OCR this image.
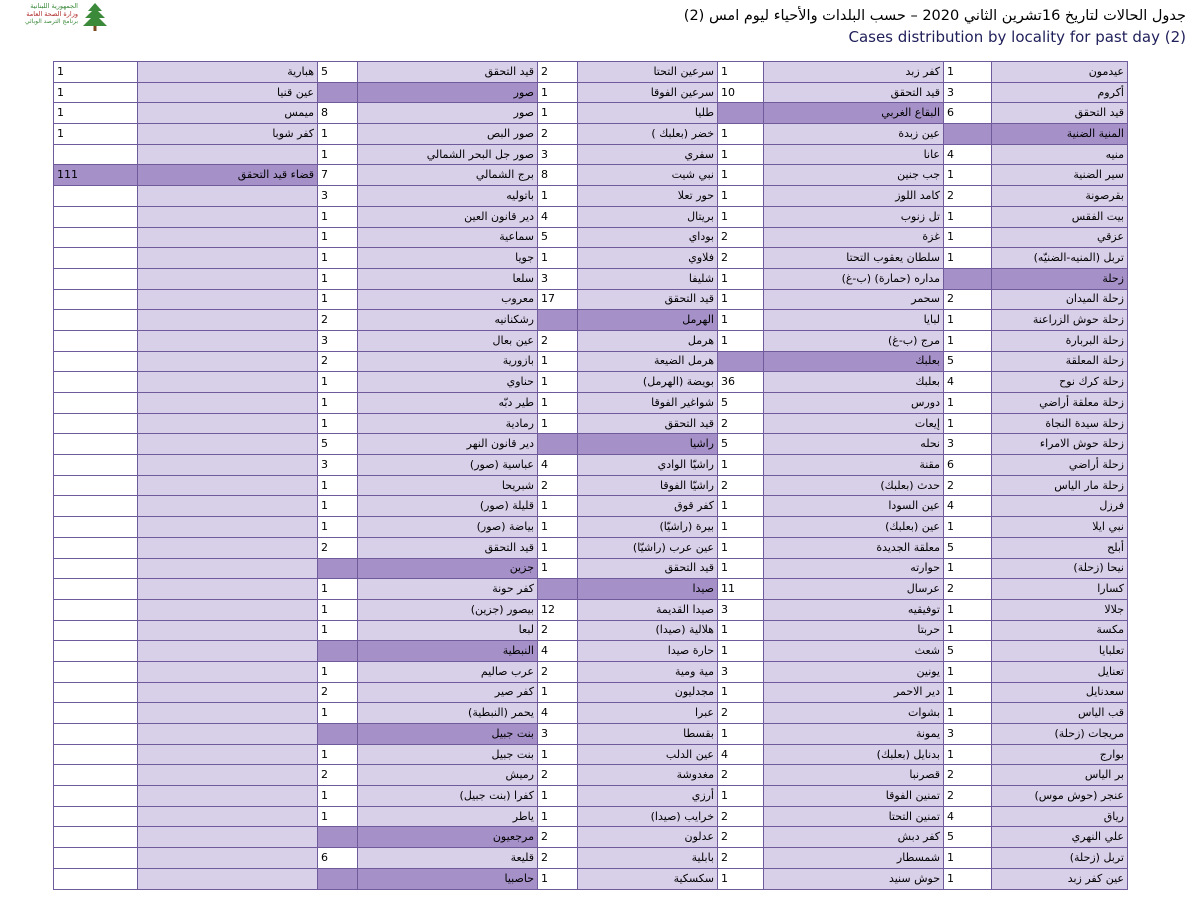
الجمهورية اللبنانية
وزارة الصحة العامة
برنامج الترصد الوبائي	جدول الحالات لتاريخ 16تشرين الثاني 2020 – حسب البلدات والأحياء ليوم امس (2)
Cases distribution by locality for past day (2)
عيدمون	1	كفر زبد	1	سرعين التحتا	2	قيد التحقق	5	هبارية	1
أكروم	3	قيد التحقق	10	سرعين الفوقا	1	صور		عين قنيا	1
قيد التحقق	6	البقاع الغربي		طليا	1	صور	8	ميمس	1
المنية الضنية		عين زبدة	1	خضر (بعلبك )	2	صور البص	1	كفر شوبا	1
منيه	4	عانا	1	سفري	3	صور جل البحر الشمالي	1		
سير الضنية	1	جب جنين	1	نبي شيت	8	برج الشمالي	7	قضاء قيد التحقق	111
بقرصونة	2	كامد اللوز	1	حور تعلا	1	باتوليه	3		
بيت الفقس	1	تل زنوب	1	بريتال	4	دير قانون العين	1		
عزقي	1	غزة	2	بوداي	5	سماعية	1		
تربل (المنيه-الضنيّه)	1	سلطان يعقوب التحتا	2	فلاوي	1	جويا	1		
زحلة		مداره (حمارة) (ب-غ)	1	شليفا	3	سلعا	1		
زحلة الميدان	2	سحمر	1	قيد التحقق	17	معروب	1		
زحلة حوش الزراعنة	1	لبايا	1	الهرمل		رشكنانيه	2		
زحلة البربارة	1	مرج (ب-غ)	1	هرمل	2	عين بعال	3		
زحلة المعلقة	5	بعلبك		هرمل الضيعة	1	بازورية	2		
زحلة كرك نوح	4	بعلبك	36	بويضة (الهرمل)	1	حناوي	1		
زحلة معلقة أراضي	1	دورس	5	شواغير الفوقا	1	طير دبّه	1		
زحلة سيدة النجاة	1	إيعات	2	قيد التحقق	1	رمادية	1		
زحلة حوش الامراء	3	نحله	5	راشيا		دير قانون النهر	5		
زحلة أراضي	6	مقنة	1	راشيّا الوادي	4	عباسية (صور)	3		
زحلة مار الياس	2	حدث (بعلبك)	2	راشيّا الفوقا	2	شبريحا	1		
فرزل	4	عين السودا	1	كفر قوق	1	قليلة (صور)	1		
نبي ايلا	1	عين (بعلبك)	1	بيرة (راشيّا)	1	بياضة (صور)	1		
أبلح	5	معلقة الجديدة	1	عين عرب (راشيّا)	1	قيد التحقق	2		
نيحا (زحلة)	1	حوارته	1	قيد التحقق	1	جزين			
كسارا	2	عرسال	11	صيدا		كفر حونة	1		
جلالا	1	توفيقيه	3	صيدا القديمة	12	بيصور (جزين)	1		
مكسة	1	حربتا	1	هلالية (صيدا)	2	لبعا	1		
تعلبايا	5	شعث	1	حارة صيدا	4	النبطية			
تعنايل	1	يونين	3	مية ومية	2	عرب صاليم	1		
سعدنايل	1	دير الاحمر	1	مجدليون	1	كفر صير	2		
قب الياس	1	بشوات	2	عبرا	4	يحمر (النبطية)	1		
مريجات (زحلة)	3	يمونة	1	بقسطا	3	بنت جبيل			
بوارج	1	بدنايل (بعلبك)	4	عين الدلب	1	بنت جبيل	1		
بر الياس	2	قصرنبا	2	مغدوشة	2	رميش	2		
عنجر (حوش موس)	2	تمنين الفوقا	1	أرزي	1	كفرا (بنت جبيل)	1		
رياق	4	تمنين التحتا	2	خرايب (صيدا)	1	ياطر	1		
علي النهري	5	كفر دبش	2	عدلون	2	مرجعيون			
تربل (زحلة)	1	شمسطار	2	بابلية	2	قليعة	6		
عين كفر زبد	1	حوش سنيد	1	سكسكية	1	حاصبيا			
